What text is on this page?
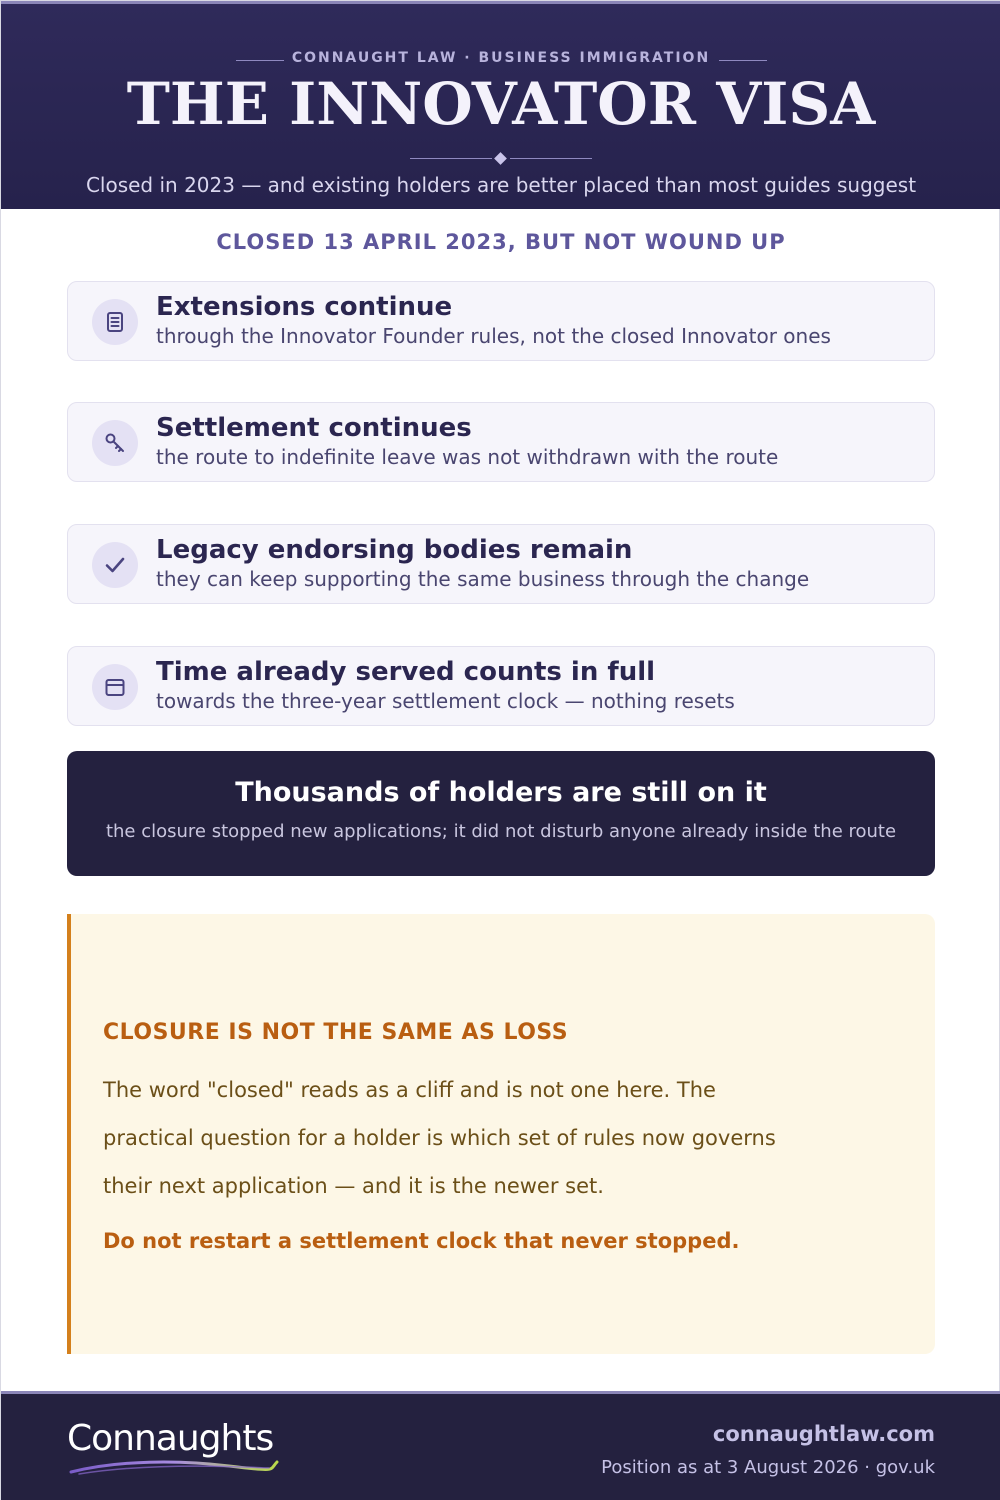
CONNAUGHT LAW · BUSINESS IMMIGRATION
THE INNOVATOR VISA
Closed in 2023 — and existing holders are better placed than most guides suggest
CLOSED 13 APRIL 2023, BUT NOT WOUND UP
Extensions continue
through the Innovator Founder rules, not the closed Innovator ones
Settlement continues
the route to indefinite leave was not withdrawn with the route
Legacy endorsing bodies remain
they can keep supporting the same business through the change
Time already served counts in full
towards the three-year settlement clock — nothing resets
Thousands of holders are still on it
the closure stopped new applications; it did not disturb anyone already inside the route
CLOSURE IS NOT THE SAME AS LOSS
The word "closed" reads as a cliff and is not one here. The practical question for a holder is which set of rules now governs their next application — and it is the newer set.
Do not restart a settlement clock that never stopped.
Connaughts	connaughtlaw.com
Position as at 3 August 2026 · gov.uk
